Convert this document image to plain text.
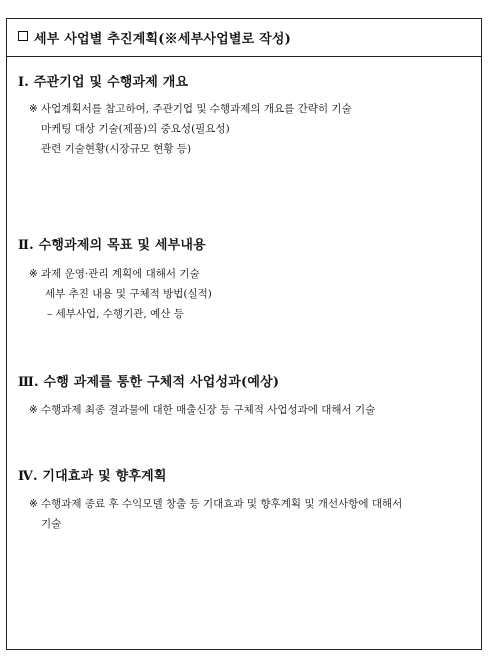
세부 사업별 추진계획(※세부사업별로 작성)
Ⅰ. 주관기업 및 수행과제 개요
※ 사업계획서를 참고하여, 주관기업 및 수행과제의 개요를 간략히 기술
마케팅 대상 기술(제품)의 중요성(필요성)
관련 기술현황(시장규모 현황 등)
Ⅱ. 수행과제의 목표 및 세부내용
※ 과제 운영·관리 계획에 대해서 기술
세부 추진 내용 및 구체적 방법(실적)
– 세부사업, 수행기관, 예산 등
Ⅲ. 수행 과제를 통한 구체적 사업성과(예상)
※ 수행과제 최종 결과물에 대한 매출신장 등 구체적 사업성과에 대해서 기술
Ⅳ. 기대효과 및 향후계획
※ 수행과제 종료 후 수익모델 창출 등 기대효과 및 향후계획 및 개선사항에 대해서
기술
